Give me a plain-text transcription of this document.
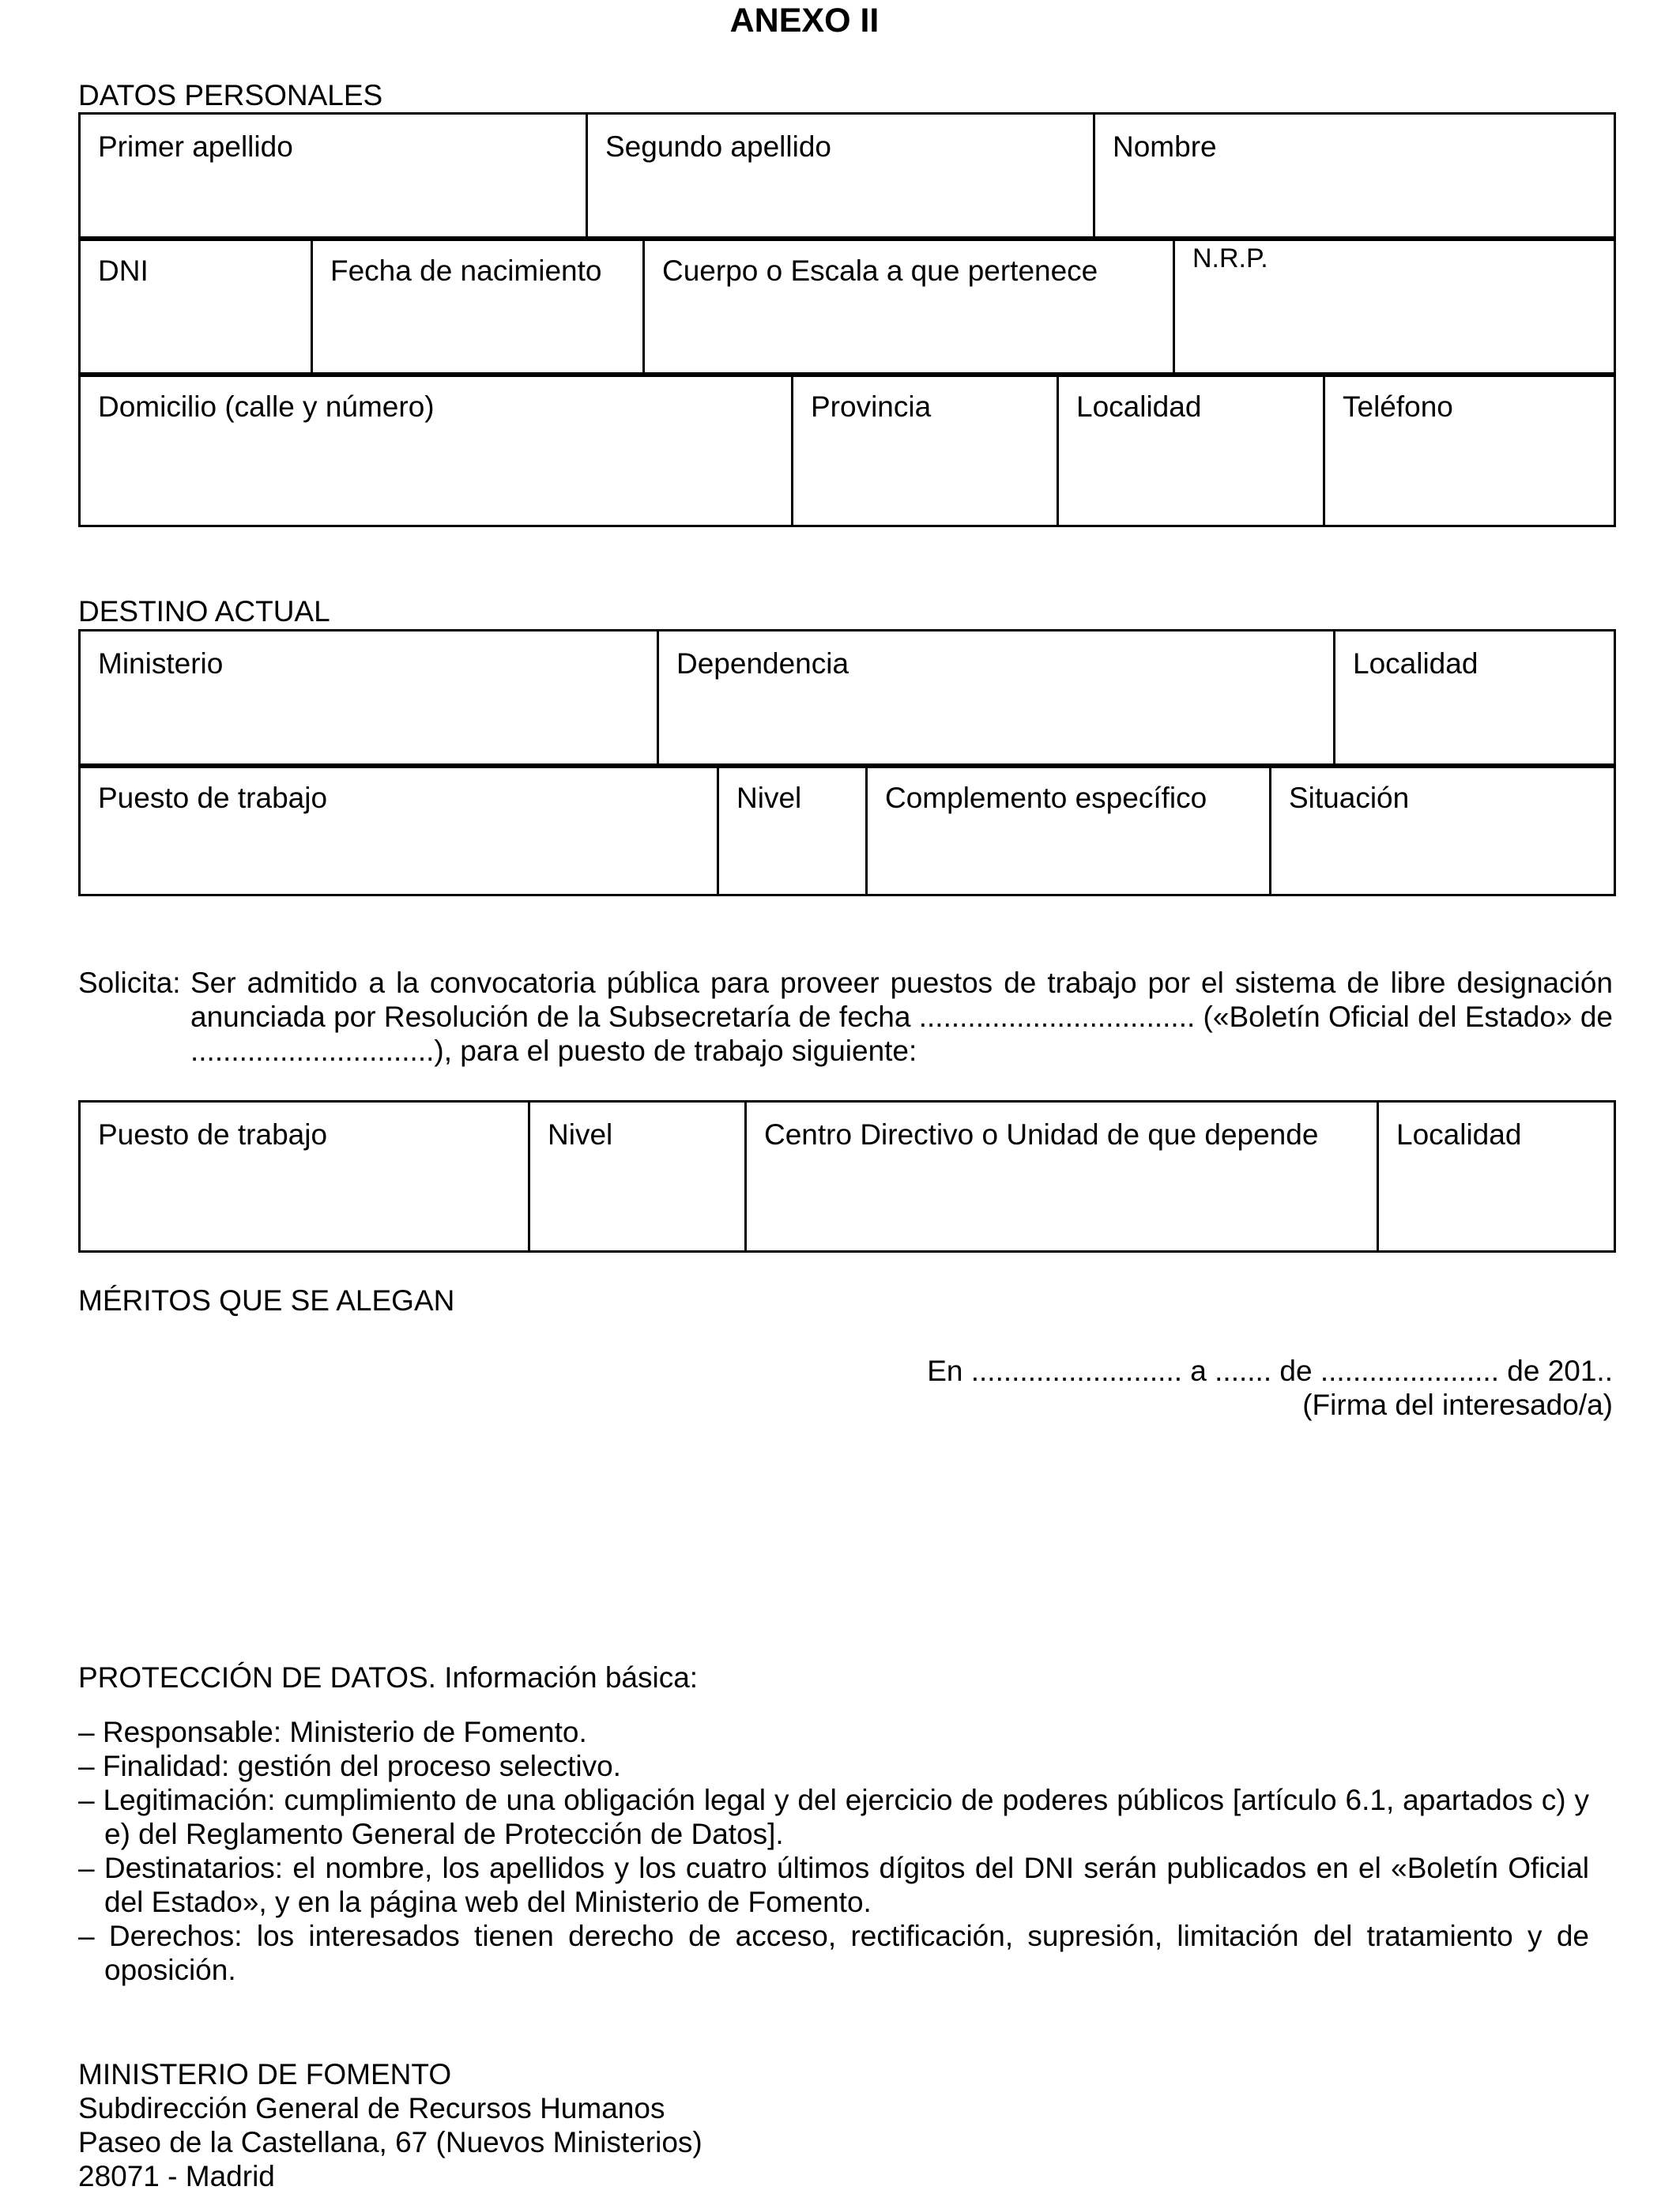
ANEXO II
DATOS PERSONALES
Primer apellido	Segundo apellido	Nombre
DNI	Fecha de nacimiento	Cuerpo o Escala a que pertenece	N.R.P.
Domicilio (calle y número)	Provincia	Localidad	Teléfono
DESTINO ACTUAL
Ministerio	Dependencia	Localidad
Puesto de trabajo	Nivel	Complemento específico	Situación
Solicita: Ser admitido a la convocatoria pública para proveer puestos de trabajo por el sistema de libre designación anunciada por Resolución de la Subsecretaría de fecha .................................. («Boletín Oficial del Estado» de ..............................), para el puesto de trabajo siguiente:
Puesto de trabajo	Nivel	Centro Directivo o Unidad de que depende	Localidad
MÉRITOS QUE SE ALEGAN
En .......................... a ....... de ...................... de 201..
(Firma del interesado/a)
PROTECCIÓN DE DATOS. Información básica:
– Responsable: Ministerio de Fomento.
– Finalidad: gestión del proceso selectivo.
– Legitimación: cumplimiento de una obligación legal y del ejercicio de poderes públicos [artículo 6.1, apartados c) y e) del Reglamento General de Protección de Datos].
– Destinatarios: el nombre, los apellidos y los cuatro últimos dígitos del DNI serán publicados en el «Boletín Oficial del Estado», y en la página web del Ministerio de Fomento.
– Derechos: los interesados tienen derecho de acceso, rectificación, supresión, limitación del tratamiento y de oposición.
MINISTERIO DE FOMENTO
Subdirección General de Recursos Humanos
Paseo de la Castellana, 67 (Nuevos Ministerios)
28071 - Madrid
